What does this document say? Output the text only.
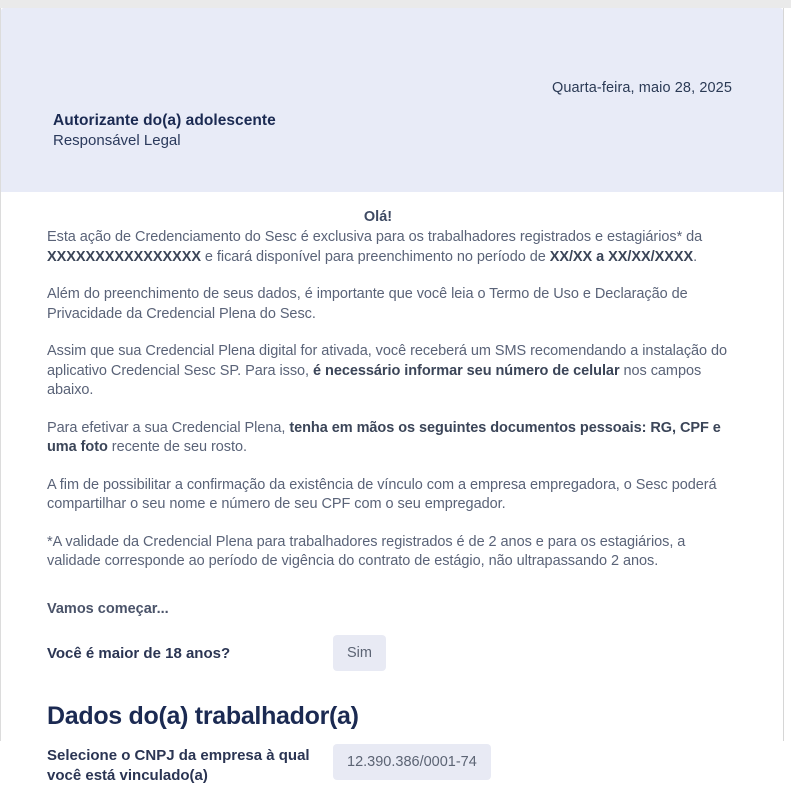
Quarta-feira, maio 28, 2025
Autorizante do(a) adolescente
Responsável Legal
Olá!

Esta ação de Credenciamento do Sesc é exclusiva para os trabalhadores registrados e estagiários* da XXXXXXXXXXXXXXXX e ficará disponível para preenchimento no período de XX/XX a XX/XX/XXXX.

Além do preenchimento de seus dados, é importante que você leia o Termo de Uso e Declaração de Privacidade da Credencial Plena do Sesc.

Assim que sua Credencial Plena digital for ativada, você receberá um SMS recomendando a instalação do aplicativo Credencial Sesc SP. Para isso, é necessário informar seu número de celular nos campos abaixo.

Para efetivar a sua Credencial Plena, tenha em mãos os seguintes documentos pessoais: RG, CPF e uma foto recente de seu rosto.

A fim de possibilitar a confirmação da existência de vínculo com a empresa empregadora, o Sesc poderá compartilhar o seu nome e número de seu CPF com o seu empregador.

*A validade da Credencial Plena para trabalhadores registrados é de 2 anos e para os estagiários, a validade corresponde ao período de vigência do contrato de estágio, não ultrapassando 2 anos.

Vamos começar...
Você é maior de 18 anos?	Sim
Dados do(a) trabalhador(a)
Selecione o CNPJ da empresa à qual você está vinculado(a)
12.390.386/0001-74
